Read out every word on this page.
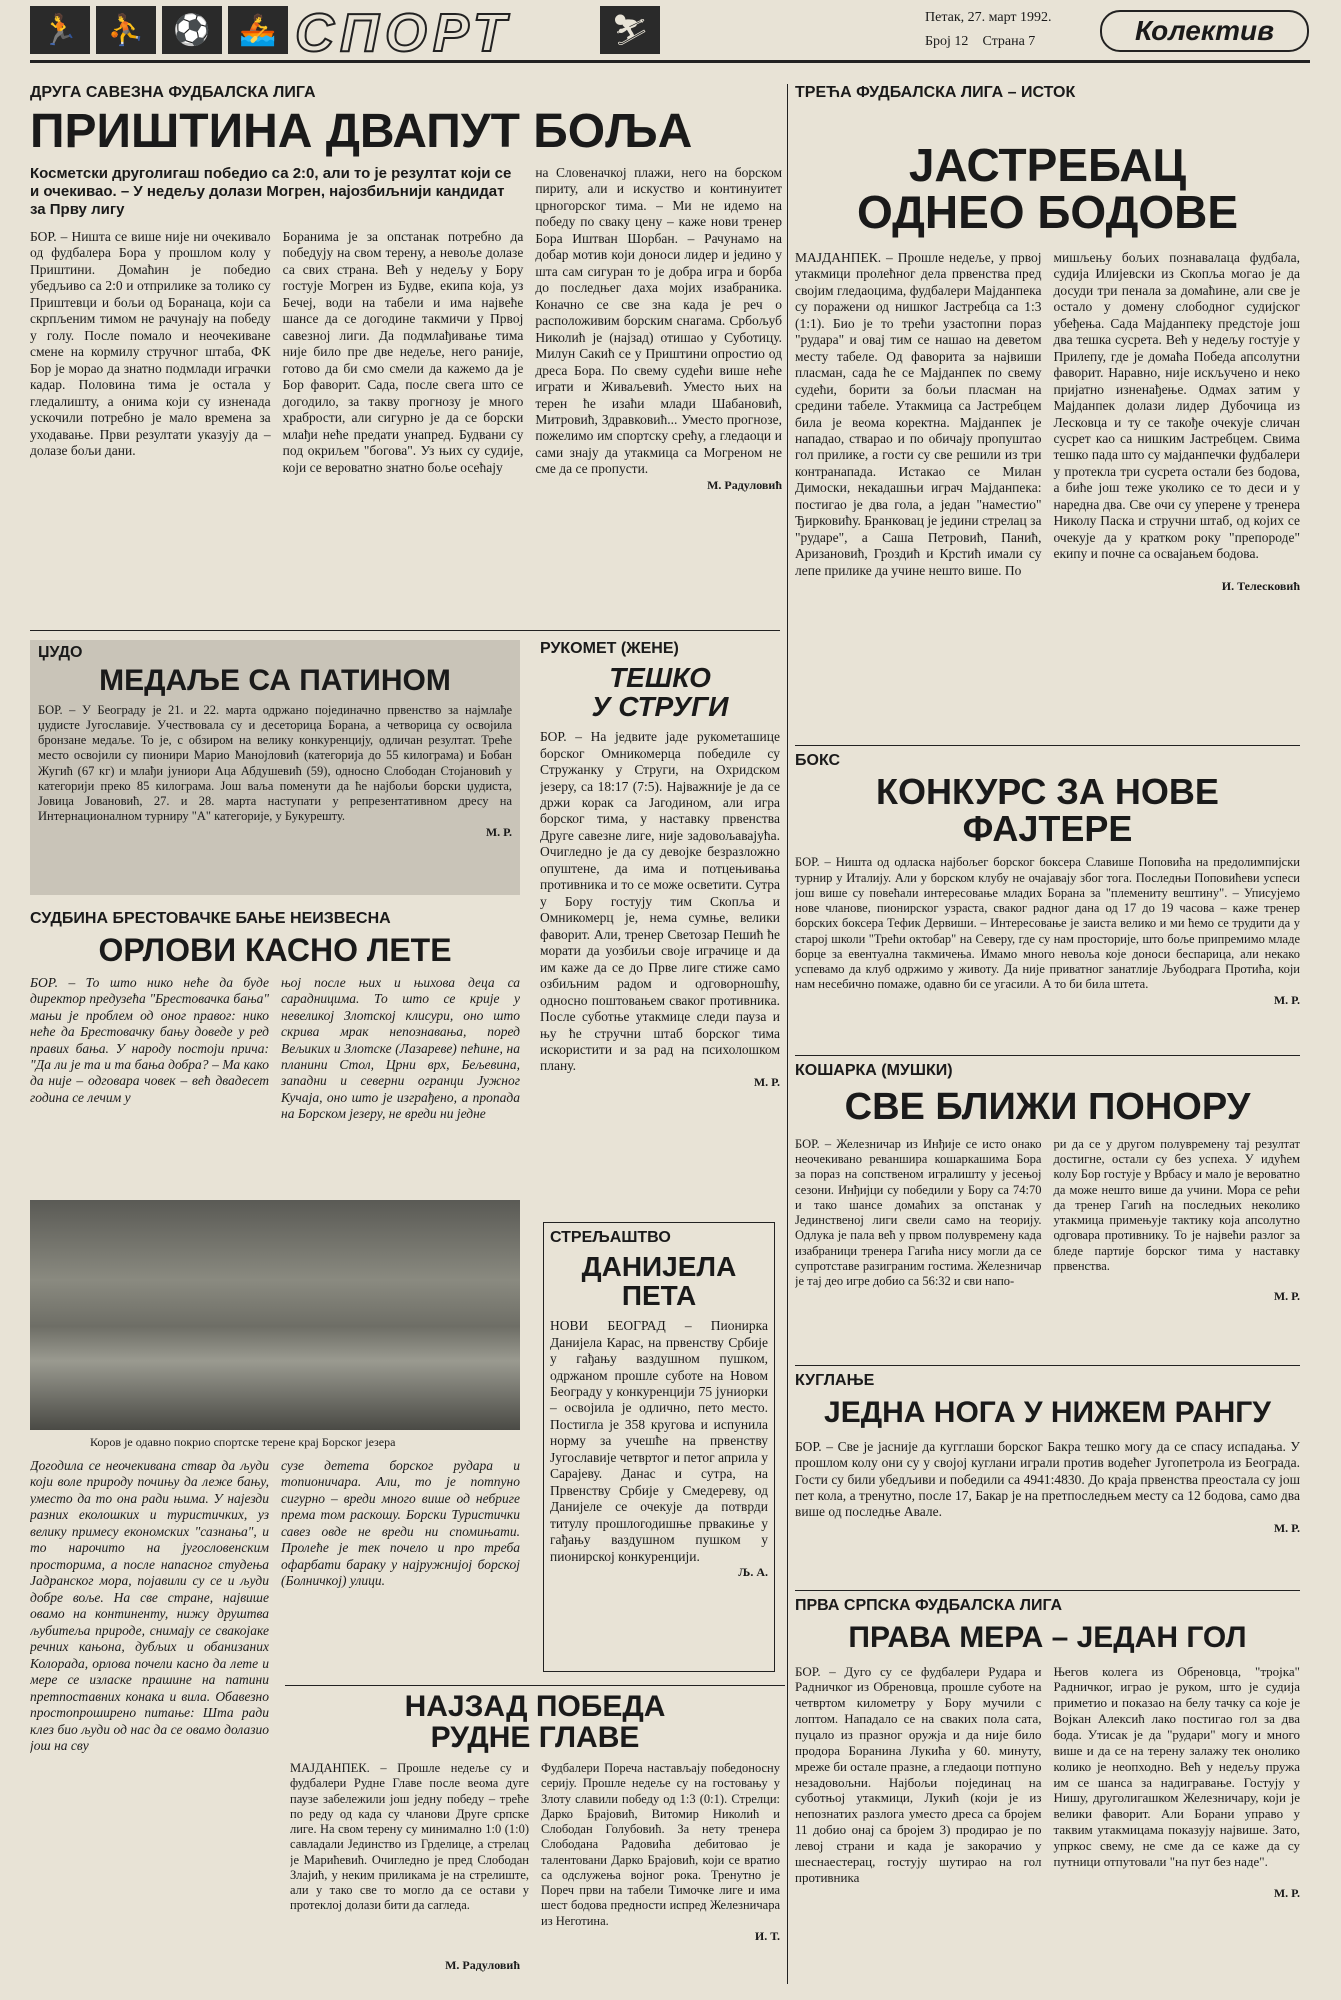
🏃 ⛹ ⚽ 🚣 СПОРТ	⛷	Петак, 27. март 1992.
Број 12 Страна 7	Колектив
ДРУГА САВЕЗНА ФУДБАЛСКА ЛИГА
ПРИШТИНА ДВАПУТ БОЉА
Косметски друголигаш победио са 2:0, али то је резултат који се и очекивао. – У недељу долази Могрен, најозбиљнији кандидат за Прву лигу
БОР. – Ништа се више није ни очекивало од фудбалера Бора у прошлом колу у Приштини. Домаћин је победио убедљиво са 2:0 и отприлике за толико су Приштевци и бољи од Боранаца, који са скрпљеним тимом не рачунају на победу у голу. После помало и неочекиване смене на кормилу стручног штаба, ФК Бор је морао да знатно подмлади играчки кадар. Половина тима је остала у гледалишту, а онима који су изненада ускочили потребно је мало времена за уходавање. Први резултати указују да – долазе бољи дани.
Боранима је за опстанак потребно да победују на свом терену, а невоље долазе са свих страна. Већ у недељу у Бору гостује Могрен из Будве, екипа која, уз Бечеј, води на табели и има највеће шансе да се догодине такмичи у Првој савезној лиги. Да подмлађивање тима није било пре две недеље, него раније, готово да би смо смели да кажемо да је Бор фаворит. Сада, после свега што се догодило, за такву прогнозу је много храбрости, али сигурно је да се борски млађи неће предати унапред. Будвани су под окриљем "богова". Уз њих су судије, који се вероватно знатно боље осећају
на Словеначкој плажи, него на борском пириту, али и искуство и континуитет црногорског тима. – Ми не идемо на победу по сваку цену – каже нови тренер Бора Иштван Шорбан. – Рачунамо на добар мотив који доноси лидер и једино у шта сам сигуран то је добра игра и борба до последњег даха мојих изабраника. Коначно се све зна када је реч о расположивим борским снагама. Србољуб Николић је (најзад) отишао у Суботицу. Милун Сакић се у Приштини опростио од дреса Бора. По свему судећи више неће играти и Живаљевић. Уместо њих на терен ће изаћи млади Шабановић, Митровић, Здравковић... Уместо прогнозе, пожелимо им спортску срећу, а гледаоци и сами знају да утакмица са Могреном не сме да се пропусти.
М. Радуловић
ТРЕЋА ФУДБАЛСКА ЛИГА – ИСТОК
ЈАСТРЕБАЦ
ОДНЕО БОДОВЕ
МАЈДАНПЕК. – Прошле недеље, у првој утакмици пролећног дела првенства пред својим гледаоцима, фудбалери Мајданпека су поражени од нишког Јастребца са 1:3 (1:1). Био је то трећи узастопни пораз "рудара" и овај тим се нашао на деветом месту табеле. Од фаворита за највиши пласман, сада ће се Мајданпек по свему судећи, борити за бољи пласман на средини табеле. Утакмица са Јастребцем била је веома коректна. Мајданпек је нападао, стварао и по обичају пропуштао гол прилике, а гости су све решили из три контранапада. Истакао се Милан Димоски, некадашњи играч Мајданпека: постигао је два гола, а један "наместио" Ђирковићу. Бранковац је једини стрелац за "рударе", а Саша Петровић, Панић, Аризановић, Гроздић и Крстић имали су лепе прилике да учине нешто више. По
мишљењу бољих познавалаца фудбала, судија Илијевски из Скопља могао је да досуди три пенала за домаћине, али све је остало у домену слободног судијског убеђења. Сада Мајданпеку предстоје још два тешка сусрета. Већ у недељу гостује у Прилепу, где је домаћа Победа апсолутни фаворит. Наравно, није искључено и неко пријатно изненађење. Одмах затим у Мајданпек долази лидер Дубочица из Лесковца и ту се такође очекује сличан сусрет као са нишким Јастребцем. Свима тешко пада што су мајданпечки фудбалери у протекла три сусрета остали без бодова, а биће још теже уколико се то деси и у наредна два. Све очи су уперене у тренера Николу Паска и стручни штаб, од којих се очекује да у кратком року "препороде" екипу и почне са освајањем бодова.
И. Телесковић
ЏУДО
МЕДАЉЕ СА ПАТИНОМ
БОР. – У Београду је 21. и 22. марта одржано појединачно првенство за најмлађе џудисте Југославије. Учествовала су и десеторица Борана, а четворица су освојила бронзане медаље. То је, с обзиром на велику конкуренцију, одличан резултат. Треће место освојили су пионири Марио Манојловић (категорија до 55 килограма) и Бобан Жугић (67 кг) и млађи јуниори Аца Абдушевић (59), односно Слободан Стојановић у категорији преко 85 килограма. Још ваља поменути да ће најбољи борски џудиста, Јовица Јовановић, 27. и 28. марта наступати у репрезентативном дресу на Интернационалном турниру "А" категорије, у Букурешту.
М. Р.
СУДБИНА БРЕСТОВАЧКЕ БАЊЕ НЕИЗВЕСНА
ОРЛОВИ КАСНО ЛЕТЕ
БОР. – То што нико неће да буде директор предузећа "Брестовачка бања" мањи је проблем од оног правог: нико неће да Брестовачку бању доведе у ред правих бања. У народу постоји прича: "Да ли је та и та бања добра? – Ма како да није – одговара човек – већ двадесет година се лечим у
њој после њих и њихова деца са сарадницима. То што се крије у невеликој Злотској клисури, оно што скрива мрак непознавања, поред Вељиких и Злотске (Лазареве) пећине, на планини Стол, Црни врх, Бељевина, западни и северни огранци Јужног Кучаја, оно што је изграђено, а пропада на Борском језеру, не вреди ни једне
Коров је одавно покрио спортске терене крај Борског језера
Догодила се неочекивана ствар да људи који воле природу почињу да леже бању, уместо да то она ради њима. У најезди разних еколошких и туристичких, уз велику примесу економских "сазнања", и то нарочито на југословенским просторима, а после напасног студења Јадранског мора, појавили су се и људи добре воље. На све стране, највише овамо на континенту, нижу друштва љубитеља природе, снимају се свакојаке речних кањона, дубљих и обанизаних Колорада, орлова почели касно да лете и мере се изласке прашине на патини претпоставних конака и вила. Обавезно простопроширено питање: Шта ради клез био људи од нас да се овамо долазио још на сву
сузе детета борског рудара и топионичара. Али, то је потпуно сигурно – вреди много више од небриге према том раскошу. Борски Туристички савез овде не вреди ни спомињати. Пролеће је тек почело и про треба офарбати бараку у најружнијој борској (Болничкој) улици.
М. Радуловић
РУКОМЕТ (ЖЕНЕ)
ТЕШКО
У СТРУГИ
БОР. – На једвите јаде рукометашице борског Омникомерца победиле су Стружанку у Струги, на Охридском језеру, са 18:17 (7:5). Најважније је да се држи корак са Јагодином, али игра борског тима, у наставку првенства Друге савезне лиге, није задовољавајућа. Очигледно је да су девојке безразложно опуштене, да има и потцењивања противника и то се може осветити. Сутра у Бору гостују тим Скопља и Омникомерц је, нема сумње, велики фаворит. Али, тренер Светозар Пешић ће морати да уозбиљи своје играчице и да им каже да се до Прве лиге стиже само озбиљним радом и одговорношћу, односно поштовањем сваког противника. После суботње утакмице следи пауза и њу ће стручни штаб борског тима искористити и за рад на психолошком плану.
М. Р.
СТРЕЉАШТВО
ДАНИЈЕЛА
ПЕТА
НОВИ БЕОГРАД – Пионирка Данијела Карас, на првенству Србије у гађању ваздушном пушком, одржаном прошле суботе на Новом Београду у конкуренцији 75 јуниорки – освојила је одлично, пето место. Постигла је 358 кругова и испунила норму за учешће на првенству Југославије четвртог и петог априла у Сарајеву. Данас и сутра, на Првенству Србије у Смедереву, од Данијеле се очекује да потврди титулу прошлогодишње првакиње у гађању ваздушном пушком у пионирској конкуренцији.
Љ. А.
БОКС
КОНКУРС ЗА НОВЕ
ФАЈТЕРЕ
БОР. – Ништа од одласка најбољег борског боксера Славише Поповића на предолимпијски турнир у Италију. Али у борском клубу не очајавају због тога. Последњи Поповићеви успеси још више су повећали интересовање младих Борана за "племениту вештину". – Уписујемо нове чланове, пионирског узраста, сваког радног дана од 17 до 19 часова – каже тренер борских боксера Тефик Дервиши. – Интересовање је заиста велико и ми ћемо се трудити да у старој школи "Трећи октобар" на Северу, где су нам просторије, што боље припремимо младе борце за евентуална такмичења. Имамо много невоља које доноси беспарица, али некако успевамо да клуб одржимо у животу. Да није приватног занатлије Љубодрага Протића, који нам несебично помаже, одавно би се угасили. А то би била штета.
М. Р.
КОШАРКА (МУШКИ)
СВЕ БЛИЖИ ПОНОРУ
БОР. – Железничар из Инђије се исто онако неочекивано реваншира кошаркашима Бора за пораз на сопственом игралишту у јесењој сезони. Инђијци су победили у Бору са 74:70 и тако шансе домаћих за опстанак у Јединственој лиги свели само на теорију. Одлука је пала већ у првом полувремену када изабраници тренера Гагића нису могли да се супротставе разиграним гостима. Железничар је тај део игре добио са 56:32 и сви напо-
ри да се у другом полувремену тај резултат достигне, остали су без успеха. У идућем колу Бор гостује у Врбасу и мало је вероватно да може нешто више да учини. Мора се рећи да тренер Гагић на последњих неколико утакмица примењује тактику која апсолутно одговара противнику. То је највећи разлог за бледе партије борског тима у наставку првенства.
М. Р.
КУГЛАЊЕ
ЈЕДНА НОГА У НИЖЕМ РАНГУ
БОР. – Све је јасније да кугглаши борског Бакра тешко могу да се спасу испадања. У прошлом колу они су у својој куглани играли против водећег Југопетрола из Београда. Гости су били убедљиви и победили са 4941:4830. До краја првенства преостала су још пет кола, а тренутно, после 17, Бакар је на претпоследњем месту са 12 бодова, само два више од последње Авале.
М. Р.
ПРВА СРПСКА ФУДБАЛСКА ЛИГА
ПРАВА МЕРА – ЈЕДАН ГОЛ
БОР. – Дуго су се фудбалери Рудара и Радничког из Обреновца, прошле суботе на четвртом километру у Бору мучили с лоптом. Нападало се на сваких пола сата, пуцало из празног оружја и да није било продора Боранина Лукића у 60. минуту, мреже би остале празне, а гледаоци потпуно незадовољни. Најбољи појединац на суботњој утакмици, Лукић (који је из непознатих разлога уместо дреса са бројем 11 добио онај са бројем 3) продирао је по левој страни и када је закорачио у шеснаестерац, гостују шутирао на гол противника
Његов колега из Обреновца, "тројка" Радничког, играо је руком, што је судија приметио и показао на белу тачку са које је Војкан Алексић лако постигао гол за два бода. Утисак је да "рудари" могу и много више и да се на терену залажу тек онолико колико је неопходно. Већ у недељу пружа им се шанса за надигравање. Гостују у Нишу, друголигашком Железничару, који је велики фаворит. Али Борани управо у таквим утакмицама показују највише. Зато, упркос свему, не сме да се каже да су путници отпутовали "на пут без наде".
М. Р.
НАЈЗАД ПОБЕДА
РУДНЕ ГЛАВЕ
МАЈДАНПЕК. – Прошле недеље су и фудбалери Рудне Главе после веома дуге паузе забележили још једну победу – треће по реду од када су чланови Друге српске лиге. На свом терену су минимално 1:0 (1:0) савладали Јединство из Грделице, а стрелац је Марићевић. Очигледно је пред Слободан Злајић, у неким приликама је на стрелиште, али у тако све то могло да се остави у протеклој долази бити да сагледа.
Фудбалери Пореча настављају победоносну серију. Прошле недеље су на гостовању у Злоту славили победу од 1:3 (0:1). Стрелци: Дарко Брајовић, Витомир Николић и Слободан Голубовић. За нету тренера Слободана Радовића дебитовао је талентовани Дарко Брајовић, који се вратио са одслужења војног рока. Тренутно је Пореч први на табели Тимочке лиге и има шест бодова предности испред Железничара из Неготина.
И. Т.
